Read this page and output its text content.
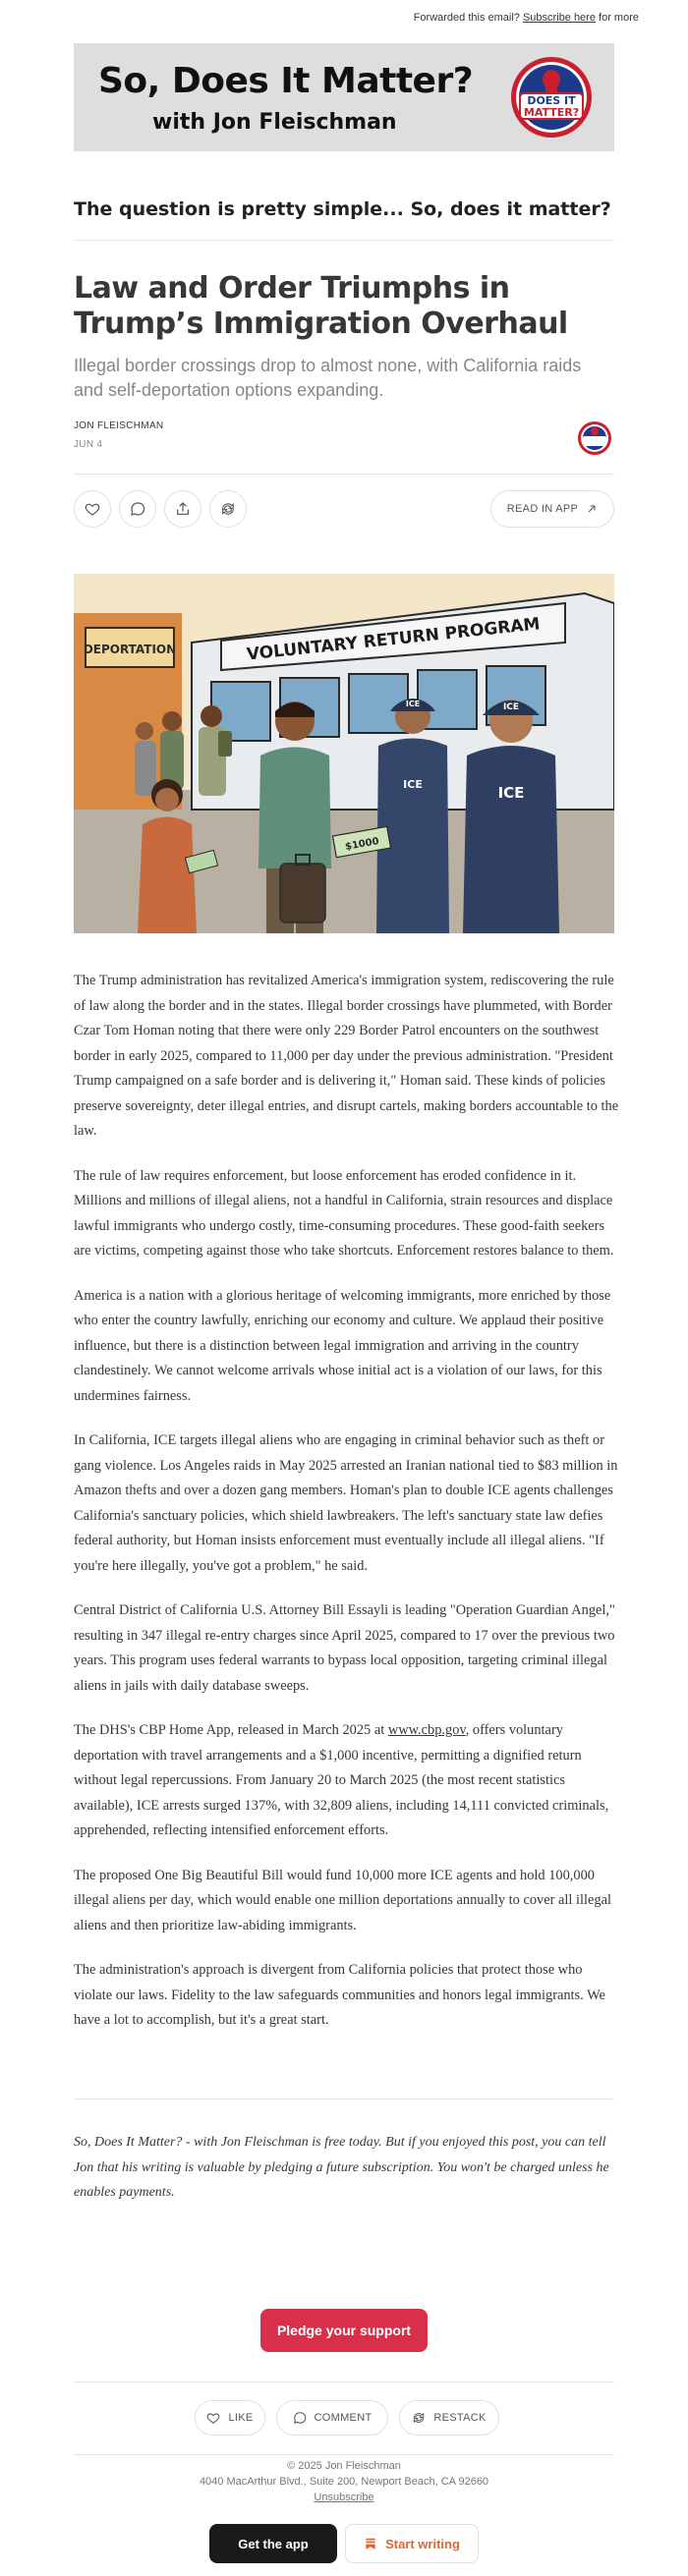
Forwarded this email? Subscribe here for more
So, Does It Matter?
with Jon Fleischman
DOES IT
MATTER?
The question is pretty simple... So, does it matter?
Law and Order Triumphs in Trump’s Immigration Overhaul
Illegal border crossings drop to almost none, with California raids and self-deportation options expanding.
JON FLEISCHMAN
JUN 4
READ IN APP
DEPORTATION	VOLUNTARY RETURN PROGRAM
ICE
ICE
ICE
ICE
$1000

The Trump administration has revitalized America's immigration system, rediscovering the rule of law along the border and in the states. Illegal border crossings have plummeted, with Border Czar Tom Homan noting that there were only 229 Border Patrol encounters on the southwest border in early 2025, compared to 11,000 per day under the previous administration. "President Trump campaigned on a safe border and is delivering it," Homan said. These kinds of policies preserve sovereignty, deter illegal entries, and disrupt cartels, making borders accountable to the law.

The rule of law requires enforcement, but loose enforcement has eroded confidence in it. Millions and millions of illegal aliens, not a handful in California, strain resources and displace lawful immigrants who undergo costly, time-consuming procedures. These good-faith seekers are victims, competing against those who take shortcuts. Enforcement restores balance to them.

America is a nation with a glorious heritage of welcoming immigrants, more enriched by those who enter the country lawfully, enriching our economy and culture. We applaud their positive influence, but there is a distinction between legal immigration and arriving in the country clandestinely. We cannot welcome arrivals whose initial act is a violation of our laws, for this undermines fairness.

In California, ICE targets illegal aliens who are engaging in criminal behavior such as theft or gang violence. Los Angeles raids in May 2025 arrested an Iranian national tied to $83 million in Amazon thefts and over a dozen gang members. Homan's plan to double ICE agents challenges California's sanctuary policies, which shield lawbreakers. The left's sanctuary state law defies federal authority, but Homan insists enforcement must eventually include all illegal aliens. "If you're here illegally, you've got a problem," he said.

Central District of California U.S. Attorney Bill Essayli is leading "Operation Guardian Angel," resulting in 347 illegal re-entry charges since April 2025, compared to 17 over the previous two years. This program uses federal warrants to bypass local opposition, targeting criminal illegal aliens in jails with daily database sweeps.

The DHS's CBP Home App, released in March 2025 at www.cbp.gov, offers voluntary deportation with travel arrangements and a $1,000 incentive, permitting a dignified return without legal repercussions. From January 20 to March 2025 (the most recent statistics available), ICE arrests surged 137%, with 32,809 aliens, including 14,111 convicted criminals, apprehended, reflecting intensified enforcement efforts.

The proposed One Big Beautiful Bill would fund 10,000 more ICE agents and hold 100,000 illegal aliens per day, which would enable one million deportations annually to cover all illegal aliens and then prioritize law-abiding immigrants.

The administration's approach is divergent from California policies that protect those who violate our laws. Fidelity to the law safeguards communities and honors legal immigrants. We have a lot to accomplish, but it's a great start.

So, Does It Matter? - with Jon Fleischman is free today. But if you enjoyed this post, you can tell Jon that his writing is valuable by pledging a future subscription. You won't be charged unless he enables payments.
Pledge your support
LIKE	COMMENT	RESTACK
© 2025 Jon Fleischman
4040 MacArthur Blvd., Suite 200, Newport Beach, CA 92660
Unsubscribe
Get the app	Start writing
